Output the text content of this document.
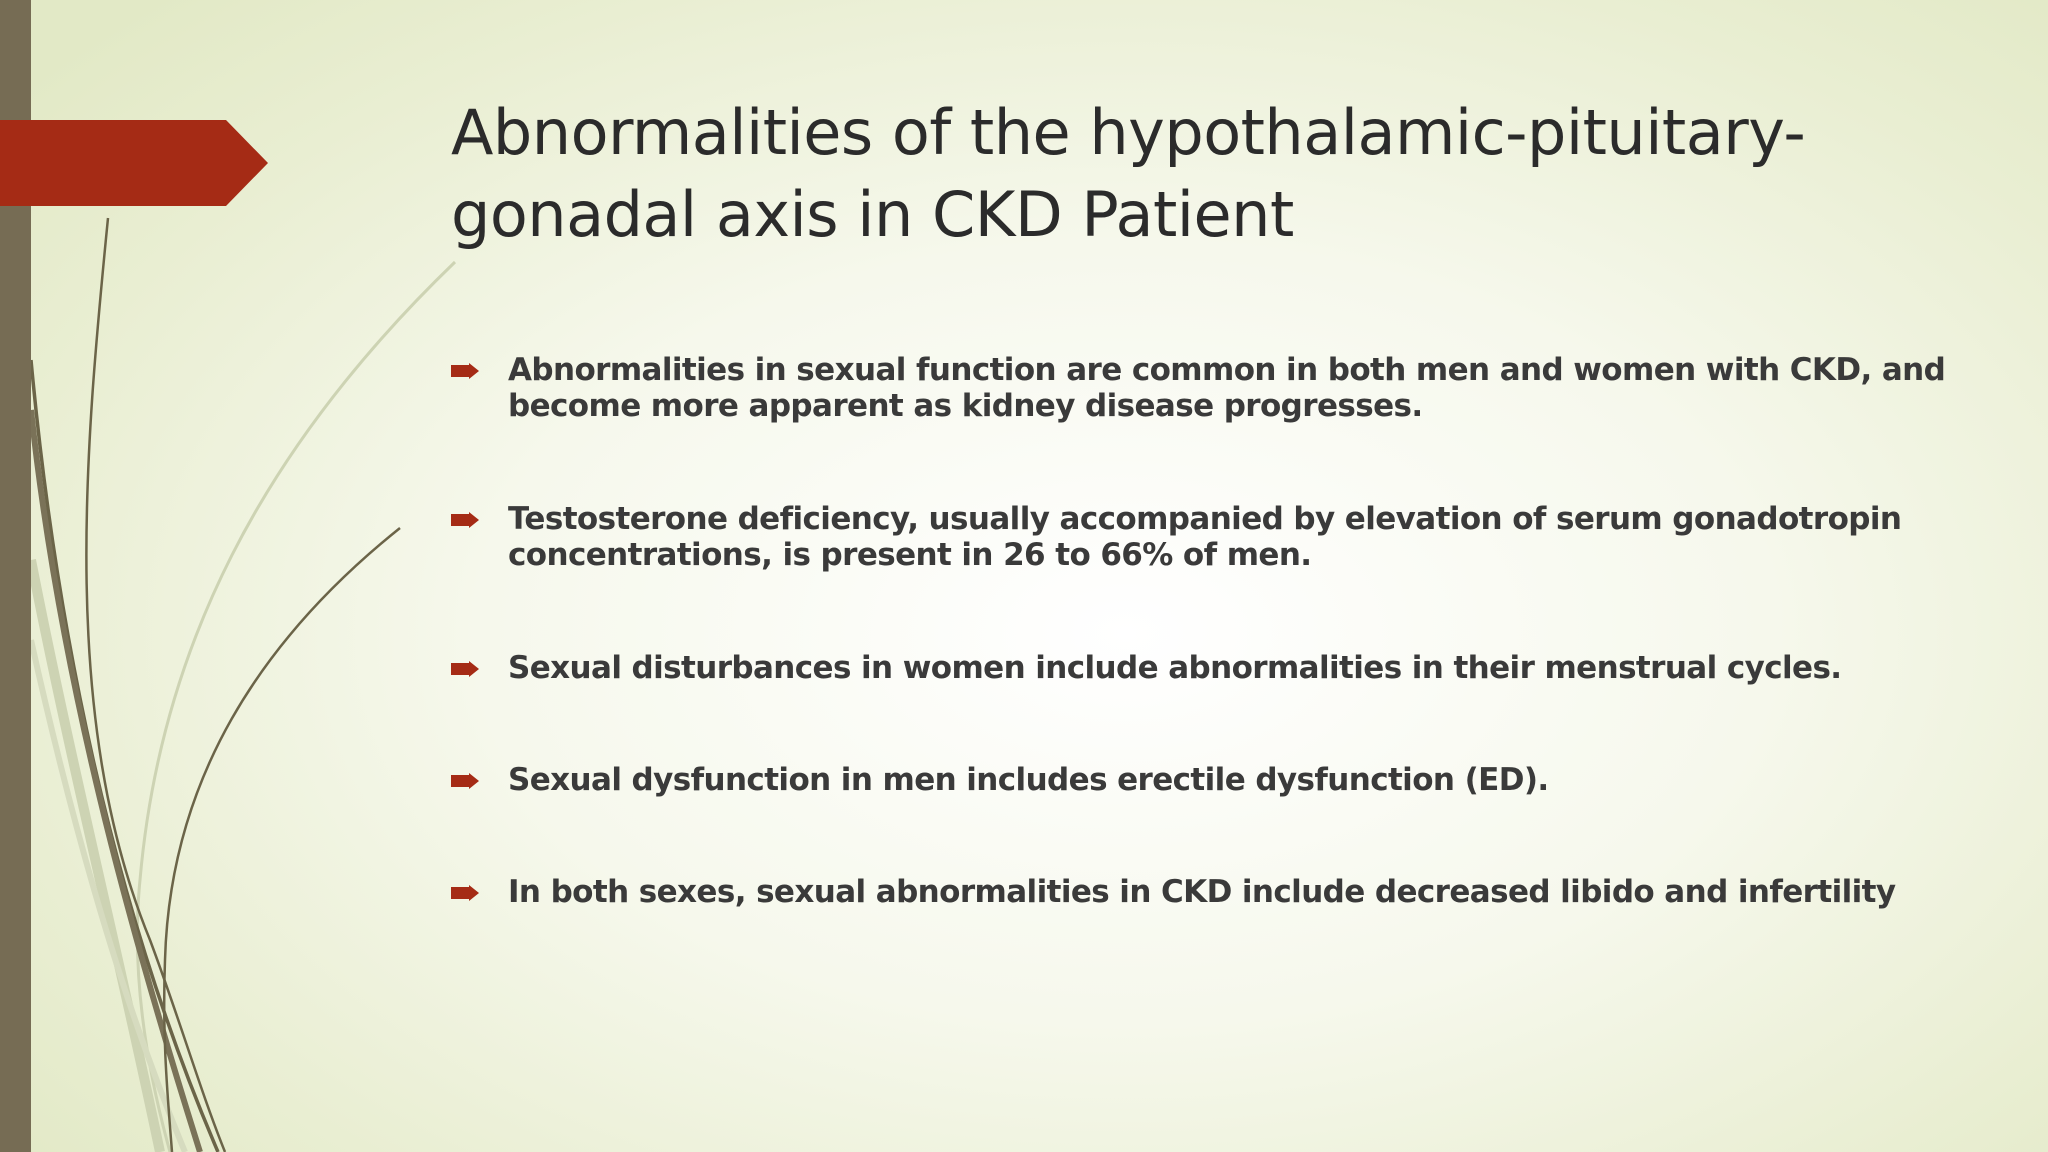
Abnormalities of the hypothalamic-pituitary-gonadal axis in CKD Patient
Abnormalities in sexual function are common in both men and women with CKD, and become more apparent as kidney disease progresses.
Testosterone deficiency, usually accompanied by elevation of serum gonadotropin concentrations, is present in 26 to 66% of men.
Sexual disturbances in women include abnormalities in their menstrual cycles.
Sexual dysfunction in men includes erectile dysfunction (ED).
In both sexes, sexual abnormalities in CKD include decreased libido and infertility
